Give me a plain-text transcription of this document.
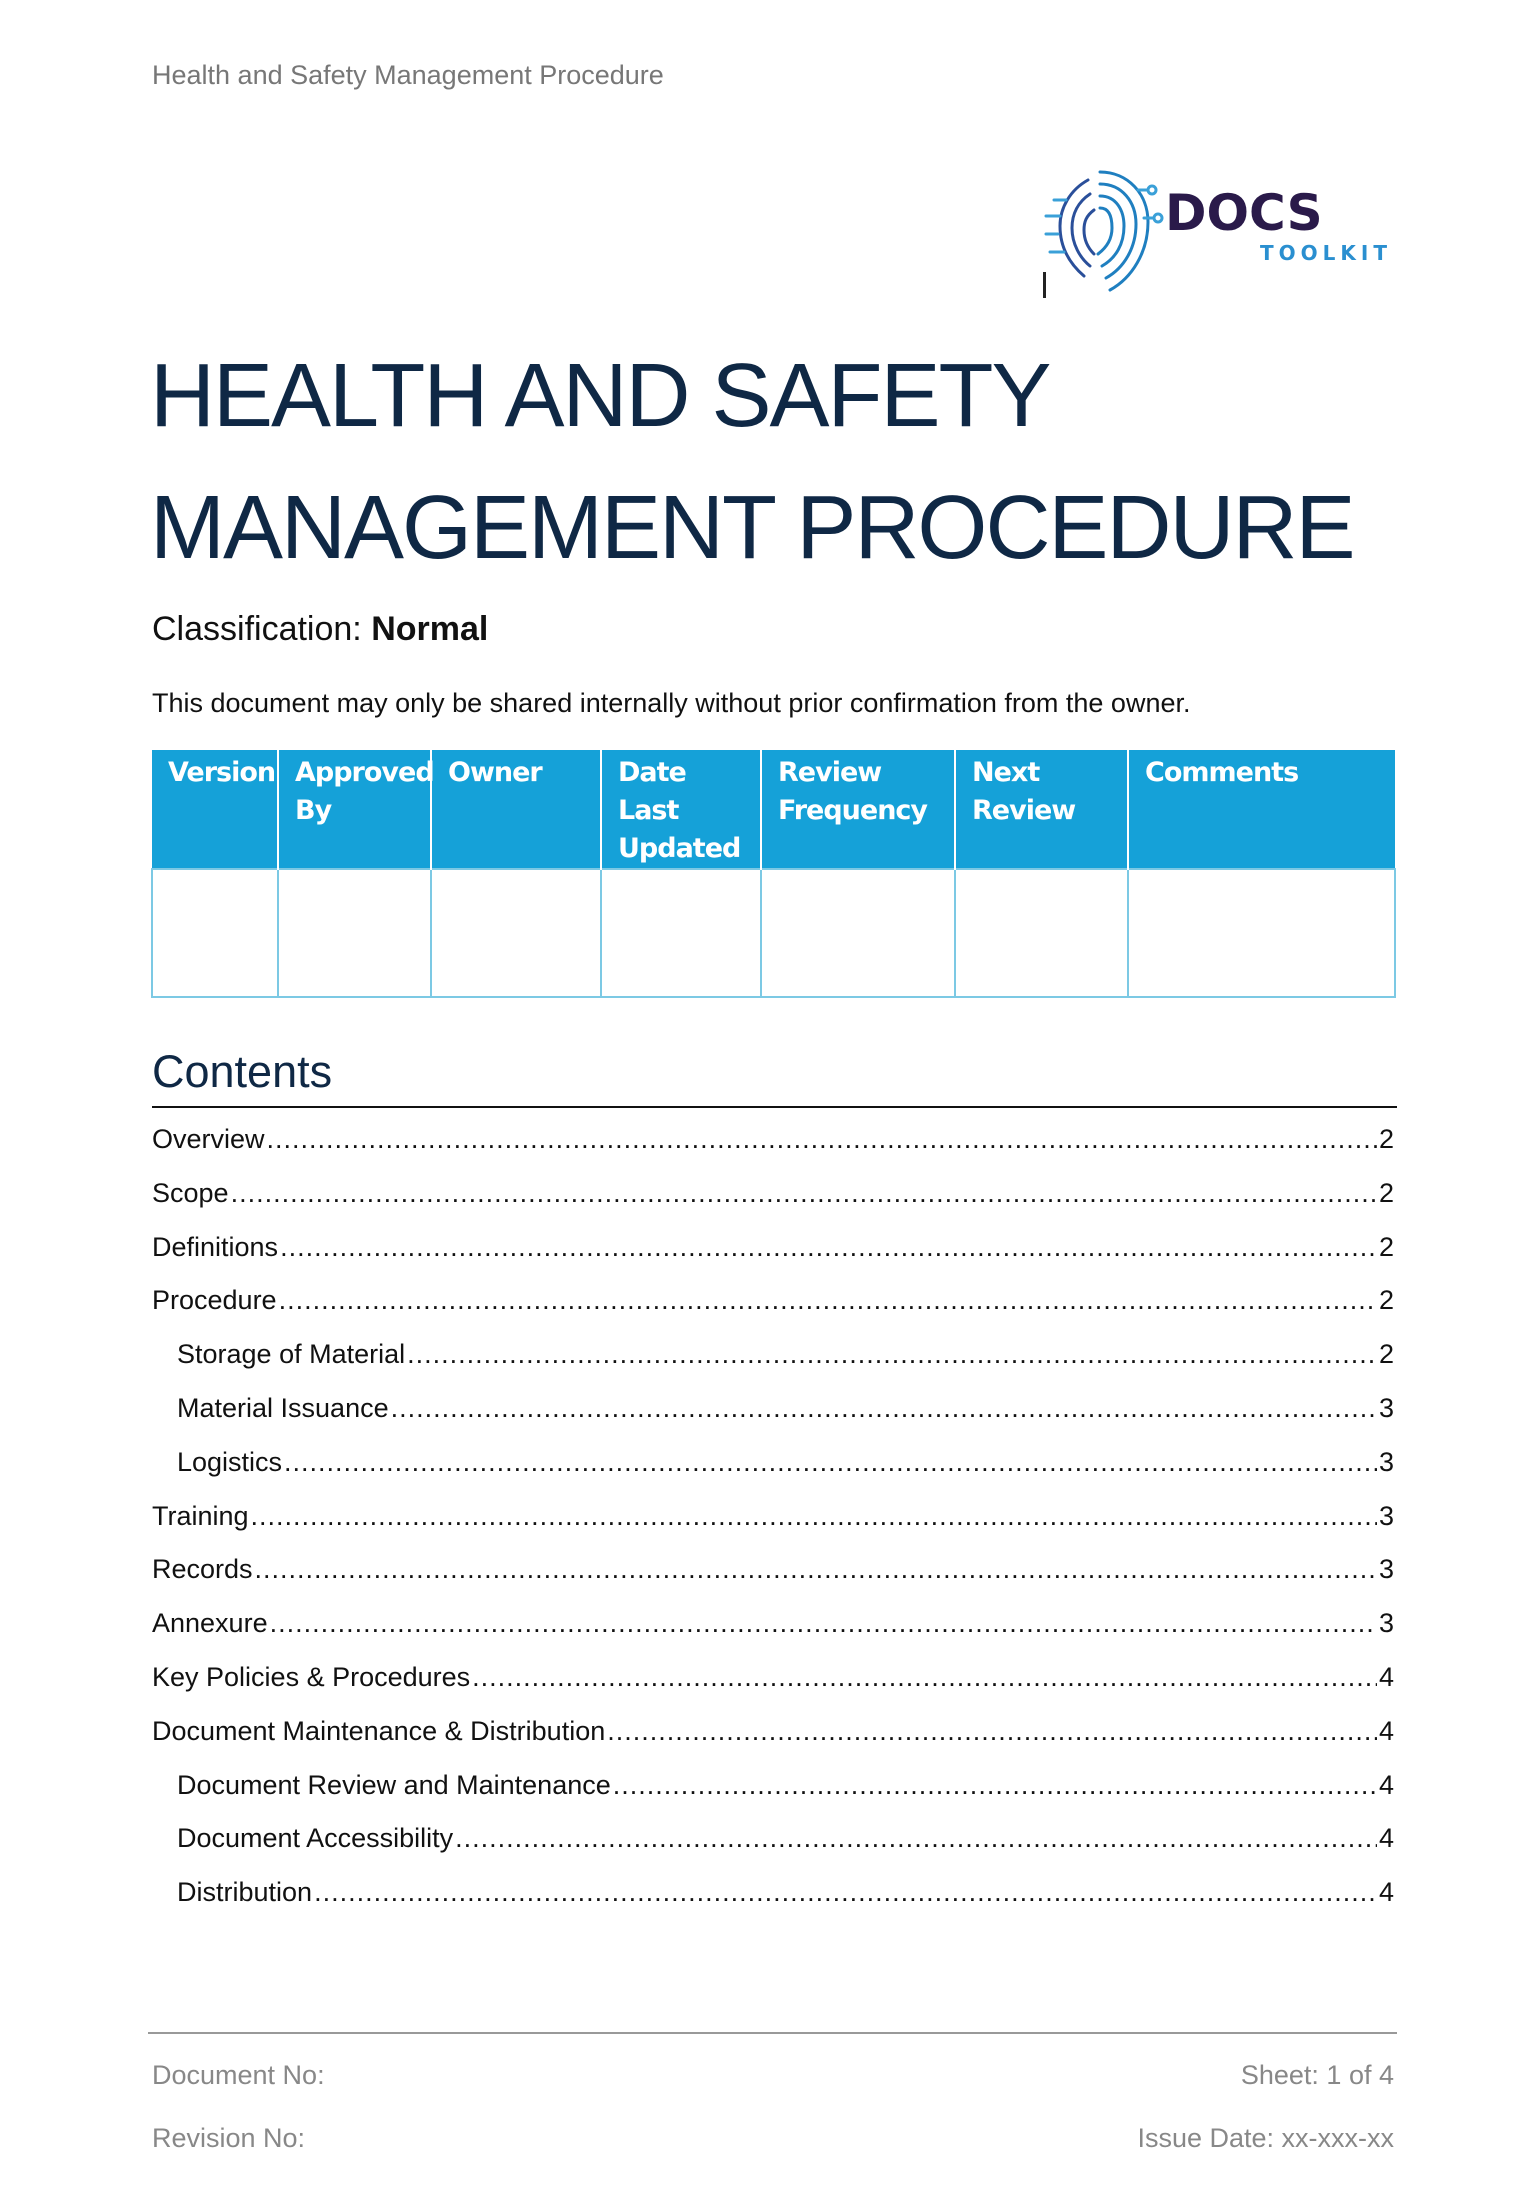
Health and Safety Management Procedure
DOCS
TOOLKIT
HEALTH AND SAFETY
MANAGEMENT PROCEDURE
Classification: Normal
This document may only be shared internally without prior confirmation from the owner.
Version	Approved By	Owner	Date Last Updated	Review Frequency	Next Review	Comments

Contents
Overview .....	2
Scope .....	2
Definitions .....	2
Procedure .....	2
Storage of Material .....	2
Material Issuance .....	3
Logistics .....	3
Training .....	3
Records .....	3
Annexure .....	3
Key Policies & Procedures .....	4
Document Maintenance & Distribution .....	4
Document Review and Maintenance .....	4
Document Accessibility .....	4
Distribution .....	4
Document No:
Revision No:
Sheet: 1 of 4
Issue Date: xx-xxx-xx
